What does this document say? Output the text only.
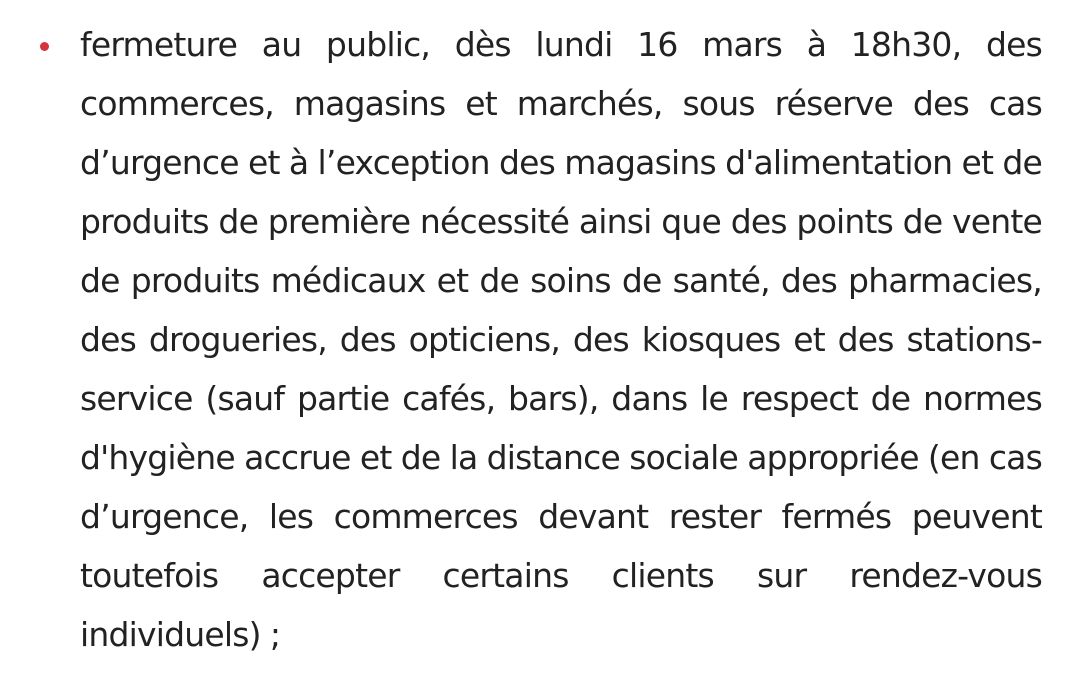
fermeture au public, dès lundi 16 mars à 18h30, des commerces, magasins et marchés, sous réserve des cas d’urgence et à l’exception des magasins d'alimentation et de produits de première nécessité ainsi que des points de vente de produits médicaux et de soins de santé, des pharmacies, des drogueries, des opticiens, des kiosques et des stations-service (sauf partie cafés, bars), dans le respect de normes d'hygiène accrue et de la distance sociale appropriée (en cas d’urgence, les commerces devant rester fermés peuvent toutefois accepter certains clients sur rendez-vous individuels) ;
